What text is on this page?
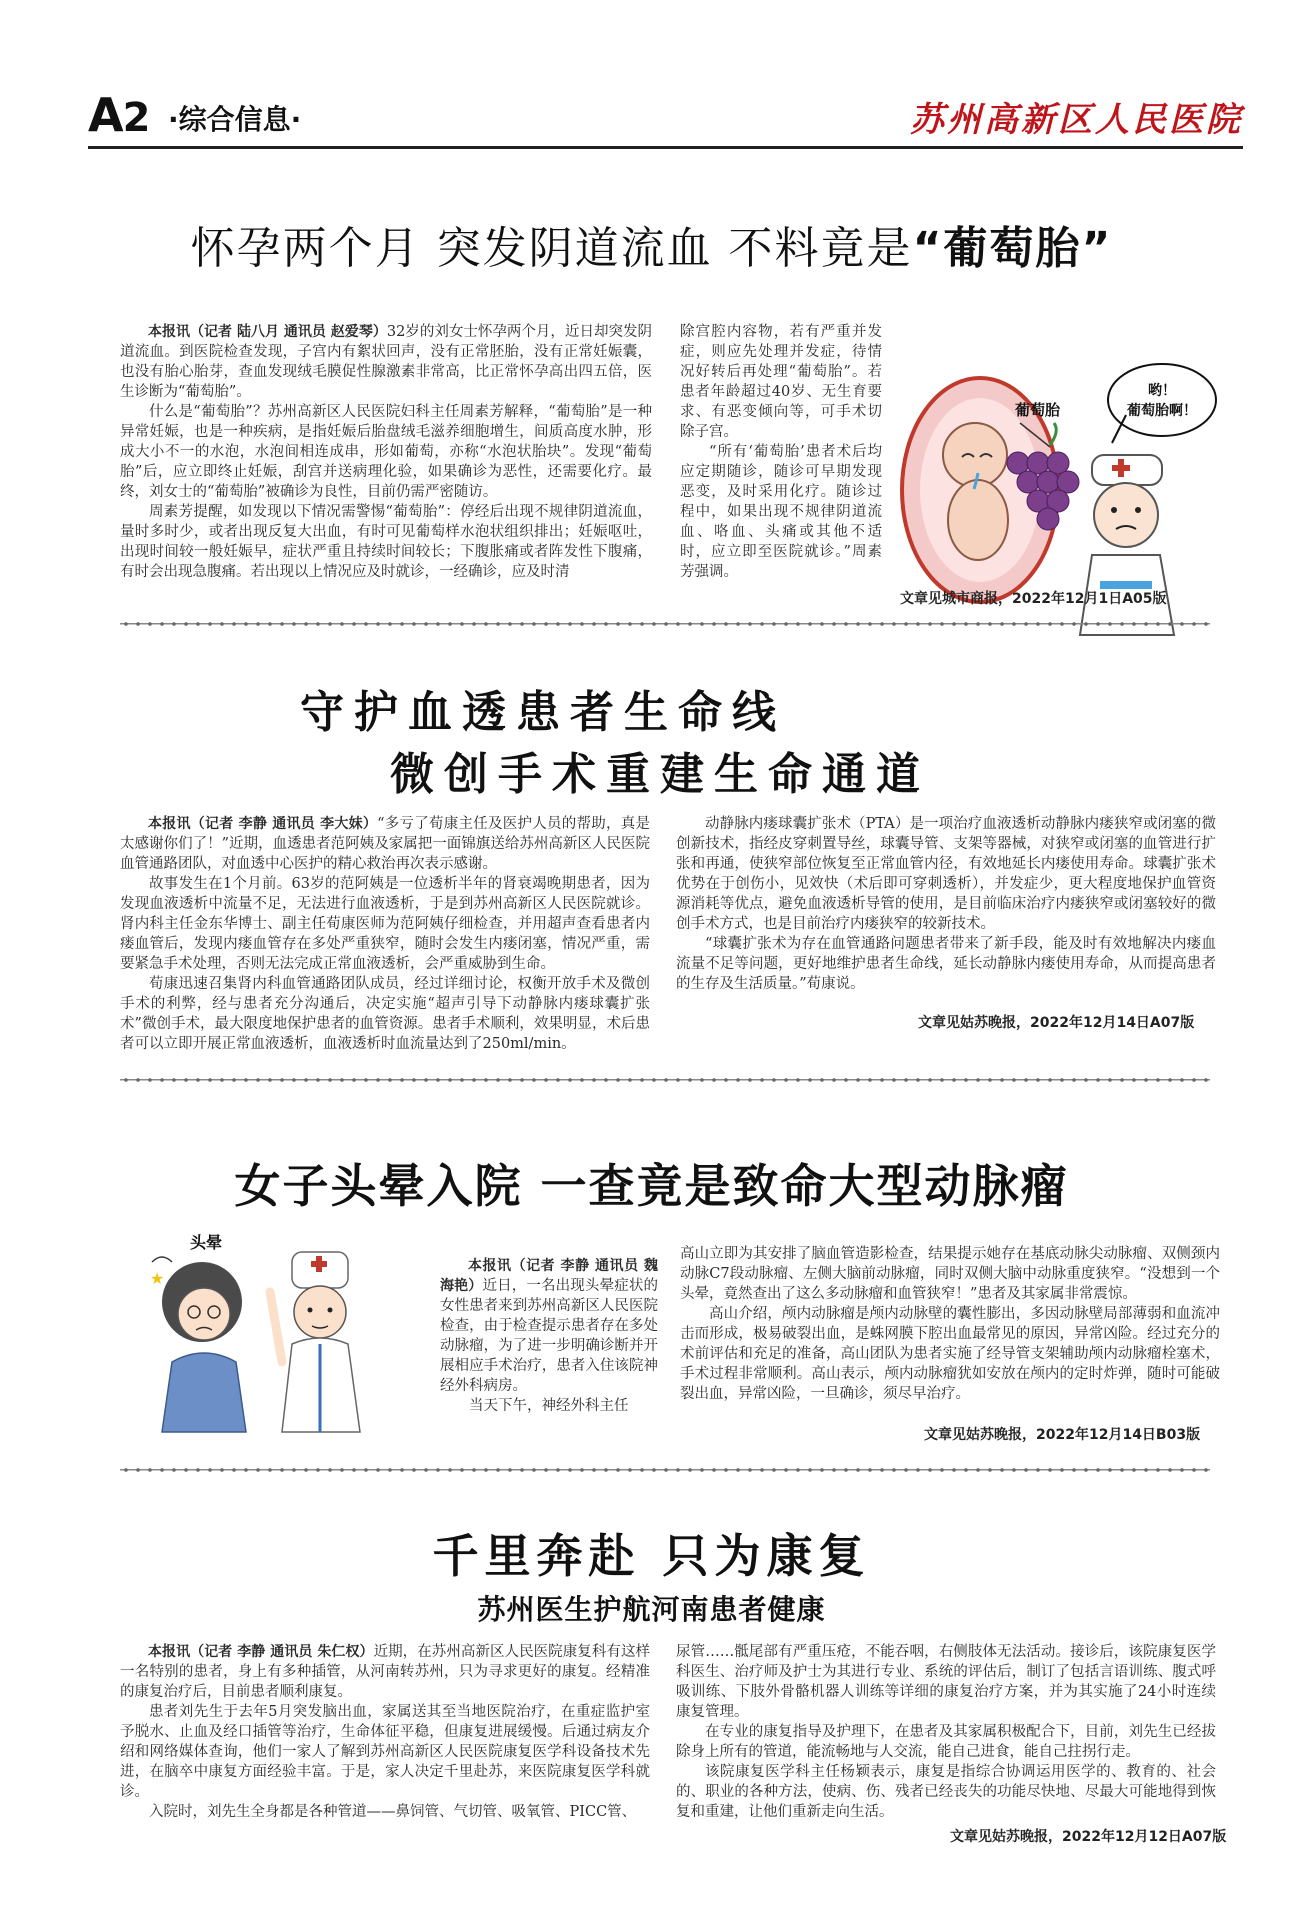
A2 ·综合信息·	苏州高新区人民医院
怀孕两个月 突发阴道流血 不料竟是“葡萄胎”

本报讯（记者 陆八月 通讯员 赵爱琴）32岁的刘女士怀孕两个月，近日却突发阴道流血。到医院检查发现，子宫内有絮状回声，没有正常胚胎，没有正常妊娠囊，也没有胎心胎芽，查血发现绒毛膜促性腺激素非常高，比正常怀孕高出四五倍，医生诊断为“葡萄胎”。

什么是“葡萄胎”？苏州高新区人民医院妇科主任周素芳解释，“葡萄胎”是一种异常妊娠，也是一种疾病，是指妊娠后胎盘绒毛滋养细胞增生，间质高度水肿，形成大小不一的水泡，水泡间相连成串，形如葡萄，亦称“水泡状胎块”。发现“葡萄胎”后，应立即终止妊娠，刮宫并送病理化验，如果确诊为恶性，还需要化疗。最终，刘女士的“葡萄胎”被确诊为良性，目前仍需严密随访。

周素芳提醒，如发现以下情况需警惕“葡萄胎”：停经后出现不规律阴道流血，量时多时少，或者出现反复大出血，有时可见葡萄样水泡状组织排出；妊娠呕吐，出现时间较一般妊娠早，症状严重且持续时间较长；下腹胀痛或者阵发性下腹痛，有时会出现急腹痛。若出现以上情况应及时就诊，一经确诊，应及时清

除宫腔内容物，若有严重并发症，则应先处理并发症，待情况好转后再处理“葡萄胎”。若患者年龄超过40岁、无生育要求、有恶变倾向等，可手术切除子宫。

“所有‘葡萄胎’患者术后均应定期随诊，随诊可早期发现恶变，及时采用化疗。随诊过程中，如果出现不规律阴道流血、咯血、头痛或其他不适时，应立即至医院就诊。”周素芳强调。

葡萄胎
哟！
葡萄胎啊！
文章见城市商报，2022年12月1日A05版
守护血透患者生命线
微创手术重建生命通道

本报讯（记者 李静 通讯员 李大妹）“多亏了荀康主任及医护人员的帮助，真是太感谢你们了！”近期，血透患者范阿姨及家属把一面锦旗送给苏州高新区人民医院血管通路团队，对血透中心医护的精心救治再次表示感谢。

故事发生在1个月前。63岁的范阿姨是一位透析半年的肾衰竭晚期患者，因为发现血液透析中流量不足，无法进行血液透析，于是到苏州高新区人民医院就诊。肾内科主任金东华博士、副主任荀康医师为范阿姨仔细检查，并用超声查看患者内瘘血管后，发现内瘘血管存在多处严重狭窄，随时会发生内瘘闭塞，情况严重，需要紧急手术处理，否则无法完成正常血液透析，会严重威胁到生命。

荀康迅速召集肾内科血管通路团队成员，经过详细讨论，权衡开放手术及微创手术的利弊，经与患者充分沟通后，决定实施“超声引导下动静脉内瘘球囊扩张术”微创手术，最大限度地保护患者的血管资源。患者手术顺利，效果明显，术后患者可以立即开展正常血液透析，血液透析时血流量达到了250ml/min。

动静脉内瘘球囊扩张术（PTA）是一项治疗血液透析动静脉内瘘狭窄或闭塞的微创新技术，指经皮穿刺置导丝，球囊导管、支架等器械，对狭窄或闭塞的血管进行扩张和再通，使狭窄部位恢复至正常血管内径，有效地延长内瘘使用寿命。球囊扩张术优势在于创伤小，见效快（术后即可穿刺透析），并发症少，更大程度地保护血管资源消耗等优点，避免血液透析导管的使用，是目前临床治疗内瘘狭窄或闭塞较好的微创手术方式，也是目前治疗内瘘狭窄的较新技术。

“球囊扩张术为存在血管通路问题患者带来了新手段，能及时有效地解决内瘘血流量不足等问题，更好地维护患者生命线，延长动静脉内瘘使用寿命，从而提高患者的生存及生活质量。”荀康说。

文章见姑苏晚报，2022年12月14日A07版
女子头晕入院 一查竟是致命大型动脉瘤
头晕
★

本报讯（记者 李静 通讯员 魏海艳）近日，一名出现头晕症状的女性患者来到苏州高新区人民医院检查，由于检查提示患者存在多处动脉瘤，为了进一步明确诊断并开展相应手术治疗，患者入住该院神经外科病房。

当天下午，神经外科主任

高山立即为其安排了脑血管造影检查，结果提示她存在基底动脉尖动脉瘤、双侧颈内动脉C7段动脉瘤、左侧大脑前动脉瘤，同时双侧大脑中动脉重度狭窄。“没想到一个头晕，竟然查出了这么多动脉瘤和血管狭窄！”患者及其家属非常震惊。

高山介绍，颅内动脉瘤是颅内动脉壁的囊性膨出，多因动脉壁局部薄弱和血流冲击而形成，极易破裂出血，是蛛网膜下腔出血最常见的原因，异常凶险。经过充分的术前评估和充足的准备，高山团队为患者实施了经导管支架辅助颅内动脉瘤栓塞术，手术过程非常顺利。高山表示，颅内动脉瘤犹如安放在颅内的定时炸弹，随时可能破裂出血，异常凶险，一旦确诊，须尽早治疗。

文章见姑苏晚报，2022年12月14日B03版
千里奔赴 只为康复
苏州医生护航河南患者健康

本报讯（记者 李静 通讯员 朱仁权）近期，在苏州高新区人民医院康复科有这样一名特别的患者，身上有多种插管，从河南转苏州，只为寻求更好的康复。经精准的康复治疗后，目前患者顺利康复。

患者刘先生于去年5月突发脑出血，家属送其至当地医院治疗，在重症监护室予脱水、止血及经口插管等治疗，生命体征平稳，但康复进展缓慢。后通过病友介绍和网络媒体查询，他们一家人了解到苏州高新区人民医院康复医学科设备技术先进，在脑卒中康复方面经验丰富。于是，家人决定千里赴苏，来医院康复医学科就诊。

入院时，刘先生全身都是各种管道——鼻饲管、气切管、吸氧管、PICC管、

尿管……骶尾部有严重压疮，不能吞咽，右侧肢体无法活动。接诊后，该院康复医学科医生、治疗师及护士为其进行专业、系统的评估后，制订了包括言语训练、腹式呼吸训练、下肢外骨骼机器人训练等详细的康复治疗方案，并为其实施了24小时连续康复管理。

在专业的康复指导及护理下，在患者及其家属积极配合下，目前，刘先生已经拔除身上所有的管道，能流畅地与人交流，能自己进食，能自己拄拐行走。

该院康复医学科主任杨颖表示，康复是指综合协调运用医学的、教育的、社会的、职业的各种方法，使病、伤、残者已经丧失的功能尽快地、尽最大可能地得到恢复和重建，让他们重新走向生活。

文章见姑苏晚报，2022年12月12日A07版
